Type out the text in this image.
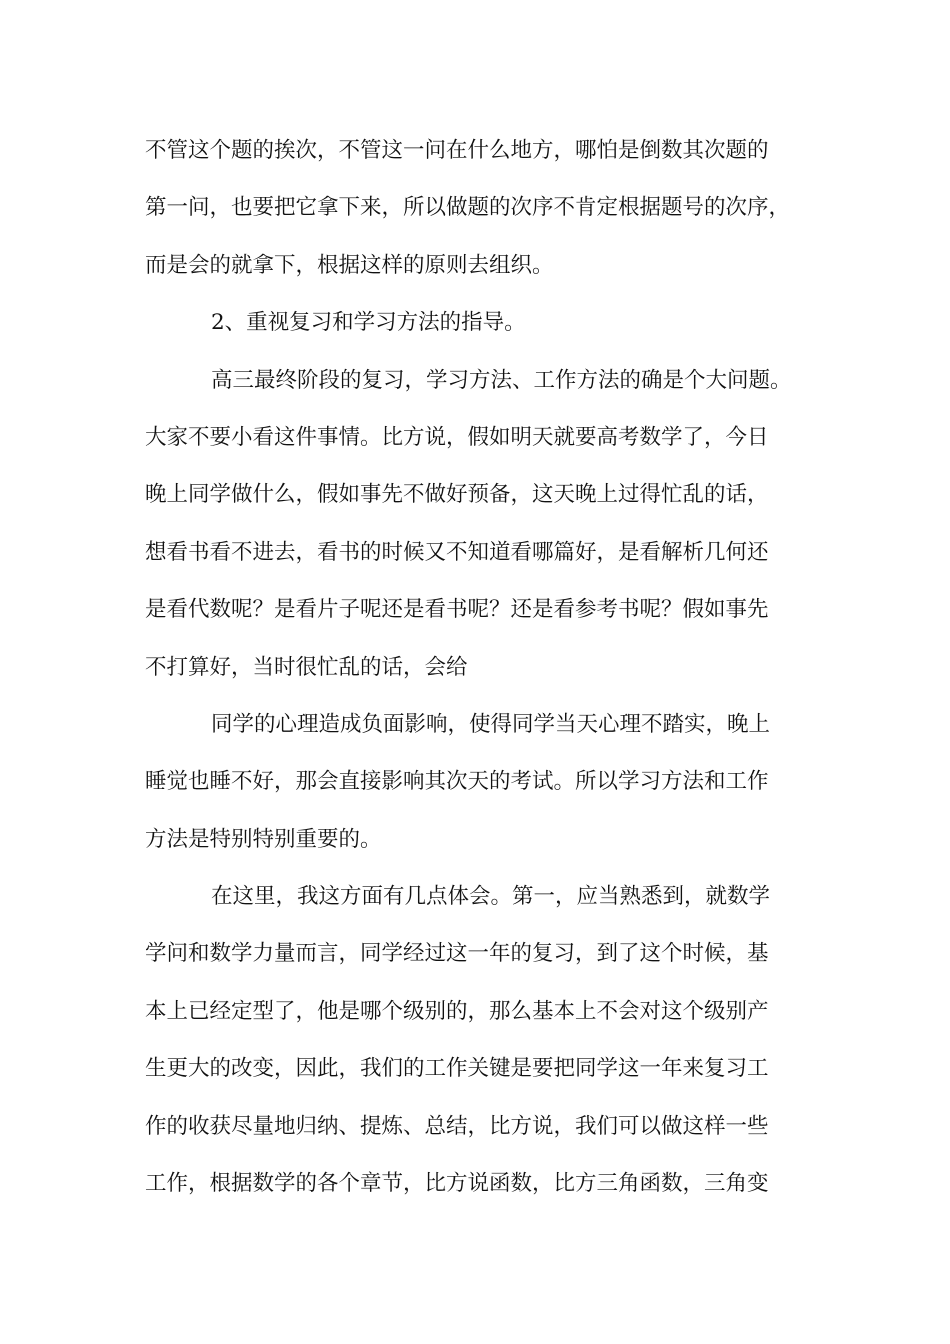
不管这个题的挨次，不管这一问在什么地方，哪怕是倒数其次题的
第一问，也要把它拿下来，所以做题的次序不肯定根据题号的次序，
而是会的就拿下，根据这样的原则去组织。
2、重视复习和学习方法的指导。
高三最终阶段的复习，学习方法、工作方法的确是个大问题。
大家不要小看这件事情。比方说，假如明天就要高考数学了，今日
晚上同学做什么，假如事先不做好预备，这天晚上过得忙乱的话，
想看书看不进去，看书的时候又不知道看哪篇好，是看解析几何还
是看代数呢？是看片子呢还是看书呢？还是看参考书呢？假如事先
不打算好，当时很忙乱的话，会给
同学的心理造成负面影响，使得同学当天心理不踏实，晚上
睡觉也睡不好，那会直接影响其次天的考试。所以学习方法和工作
方法是特别特别重要的。
在这里，我这方面有几点体会。第一，应当熟悉到，就数学
学问和数学力量而言，同学经过这一年的复习，到了这个时候，基
本上已经定型了，他是哪个级别的，那么基本上不会对这个级别产
生更大的改变，因此，我们的工作关键是要把同学这一年来复习工
作的收获尽量地归纳、提炼、总结，比方说，我们可以做这样一些
工作，根据数学的各个章节，比方说函数，比方三角函数，三角变
